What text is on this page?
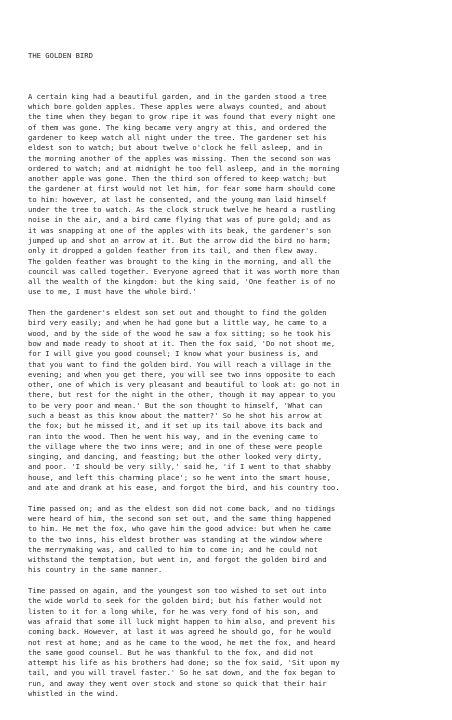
THE GOLDEN BIRD

A certain king had a beautiful garden, and in the garden stood a tree
which bore golden apples. These apples were always counted, and about
the time when they began to grow ripe it was found that every night one
of them was gone. The king became very angry at this, and ordered the
gardener to keep watch all night under the tree. The gardener set his
eldest son to watch; but about twelve o'clock he fell asleep, and in
the morning another of the apples was missing. Then the second son was
ordered to watch; and at midnight he too fell asleep, and in the morning
another apple was gone. Then the third son offered to keep watch; but
the gardener at first would not let him, for fear some harm should come
to him: however, at last he consented, and the young man laid himself
under the tree to watch. As the clock struck twelve he heard a rustling
noise in the air, and a bird came flying that was of pure gold; and as
it was snapping at one of the apples with its beak, the gardener's son
jumped up and shot an arrow at it. But the arrow did the bird no harm;
only it dropped a golden feather from its tail, and then flew away.
The golden feather was brought to the king in the morning, and all the
council was called together. Everyone agreed that it was worth more than
all the wealth of the kingdom: but the king said, 'One feather is of no
use to me, I must have the whole bird.'
Then the gardener's eldest son set out and thought to find the golden
bird very easily; and when he had gone but a little way, he came to a
wood, and by the side of the wood he saw a fox sitting; so he took his
bow and made ready to shoot at it. Then the fox said, 'Do not shoot me,
for I will give you good counsel; I know what your business is, and
that you want to find the golden bird. You will reach a village in the
evening; and when you get there, you will see two inns opposite to each
other, one of which is very pleasant and beautiful to look at: go not in
there, but rest for the night in the other, though it may appear to you
to be very poor and mean.' But the son thought to himself, 'What can
such a beast as this know about the matter?' So he shot his arrow at
the fox; but he missed it, and it set up its tail above its back and
ran into the wood. Then he went his way, and in the evening came to
the village where the two inns were; and in one of these were people
singing, and dancing, and feasting; but the other looked very dirty,
and poor. 'I should be very silly,' said he, 'if I went to that shabby
house, and left this charming place'; so he went into the smart house,
and ate and drank at his ease, and forgot the bird, and his country too.
Time passed on; and as the eldest son did not come back, and no tidings
were heard of him, the second son set out, and the same thing happened
to him. He met the fox, who gave him the good advice: but when he came
to the two inns, his eldest brother was standing at the window where
the merrymaking was, and called to him to come in; and he could not
withstand the temptation, but went in, and forgot the golden bird and
his country in the same manner.
Time passed on again, and the youngest son too wished to set out into
the wide world to seek for the golden bird; but his father would not
listen to it for a long while, for he was very fond of his son, and
was afraid that some ill luck might happen to him also, and prevent his
coming back. However, at last it was agreed he should go, for he would
not rest at home; and as he came to the wood, he met the fox, and heard
the same good counsel. But he was thankful to the fox, and did not
attempt his life as his brothers had done; so the fox said, 'Sit upon my
tail, and you will travel faster.' So he sat down, and the fox began to
run, and away they went over stock and stone so quick that their hair
whistled in the wind.
